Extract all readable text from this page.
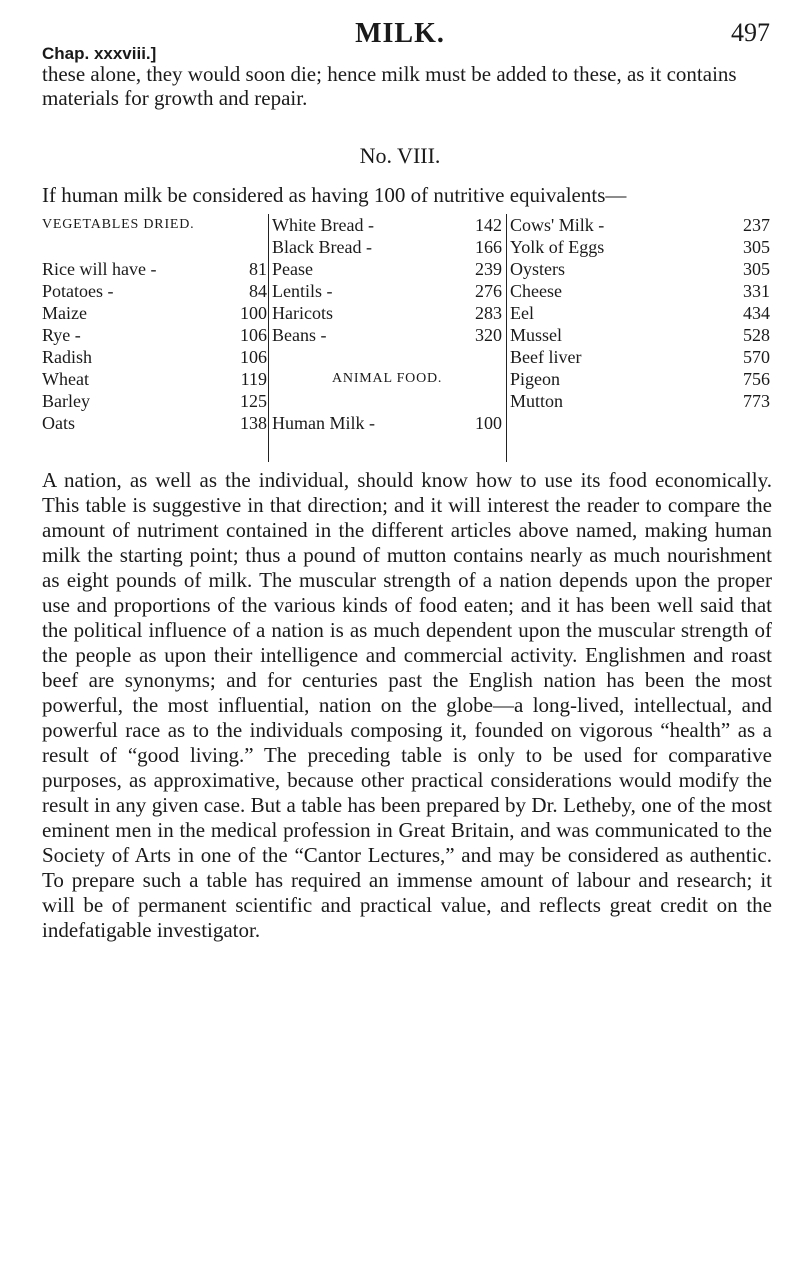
MILK.	497
Chap. xxxviii.]
these alone, they would soon die; hence milk must be added to these, as it contains materials for growth and repair.
No. VIII.
If human milk be considered as having 100 of nutritive equivalents—
VEGETABLES DRIED.
Rice will have -	81
Potatoes -	84
Maize	100
Rye -	106
Radish	106
Wheat	119
Barley	125
Oats	138
White Bread -	142
Black Bread -	166
Pease	239
Lentils -	276
Haricots	283
Beans -	320
ANIMAL FOOD.
Human Milk -	100
Cows' Milk -	237
Yolk of Eggs	305
Oysters	305
Cheese	331
Eel	434
Mussel	528
Beef liver	570
Pigeon	756
Mutton	773
A nation, as well as the individual, should know how to use its food economically. This table is suggestive in that direction; and it will interest the reader to compare the amount of nutriment contained in the different articles above named, making human milk the starting point; thus a pound of mutton contains nearly as much nourishment as eight pounds of milk. The muscular strength of a nation depends upon the proper use and proportions of the various kinds of food eaten; and it has been well said that the political influence of a nation is as much dependent upon the muscular strength of the people as upon their intelligence and commercial activity. Englishmen and roast beef are synonyms; and for centuries past the English nation has been the most powerful, the most influential, nation on the globe—a long-lived, intellectual, and powerful race as to the individuals composing it, founded on vigorous “health” as a result of “good living.” The preceding table is only to be used for comparative purposes, as approximative, because other practical considerations would modify the result in any given case. But a table has been prepared by Dr. Letheby, one of the most eminent men in the medical profession in Great Britain, and was communicated to the Society of Arts in one of the “Cantor Lectures,” and may be considered as authentic. To prepare such a table has required an immense amount of labour and research; it will be of permanent scientific and practical value, and reflects great credit on the indefatigable investigator.
